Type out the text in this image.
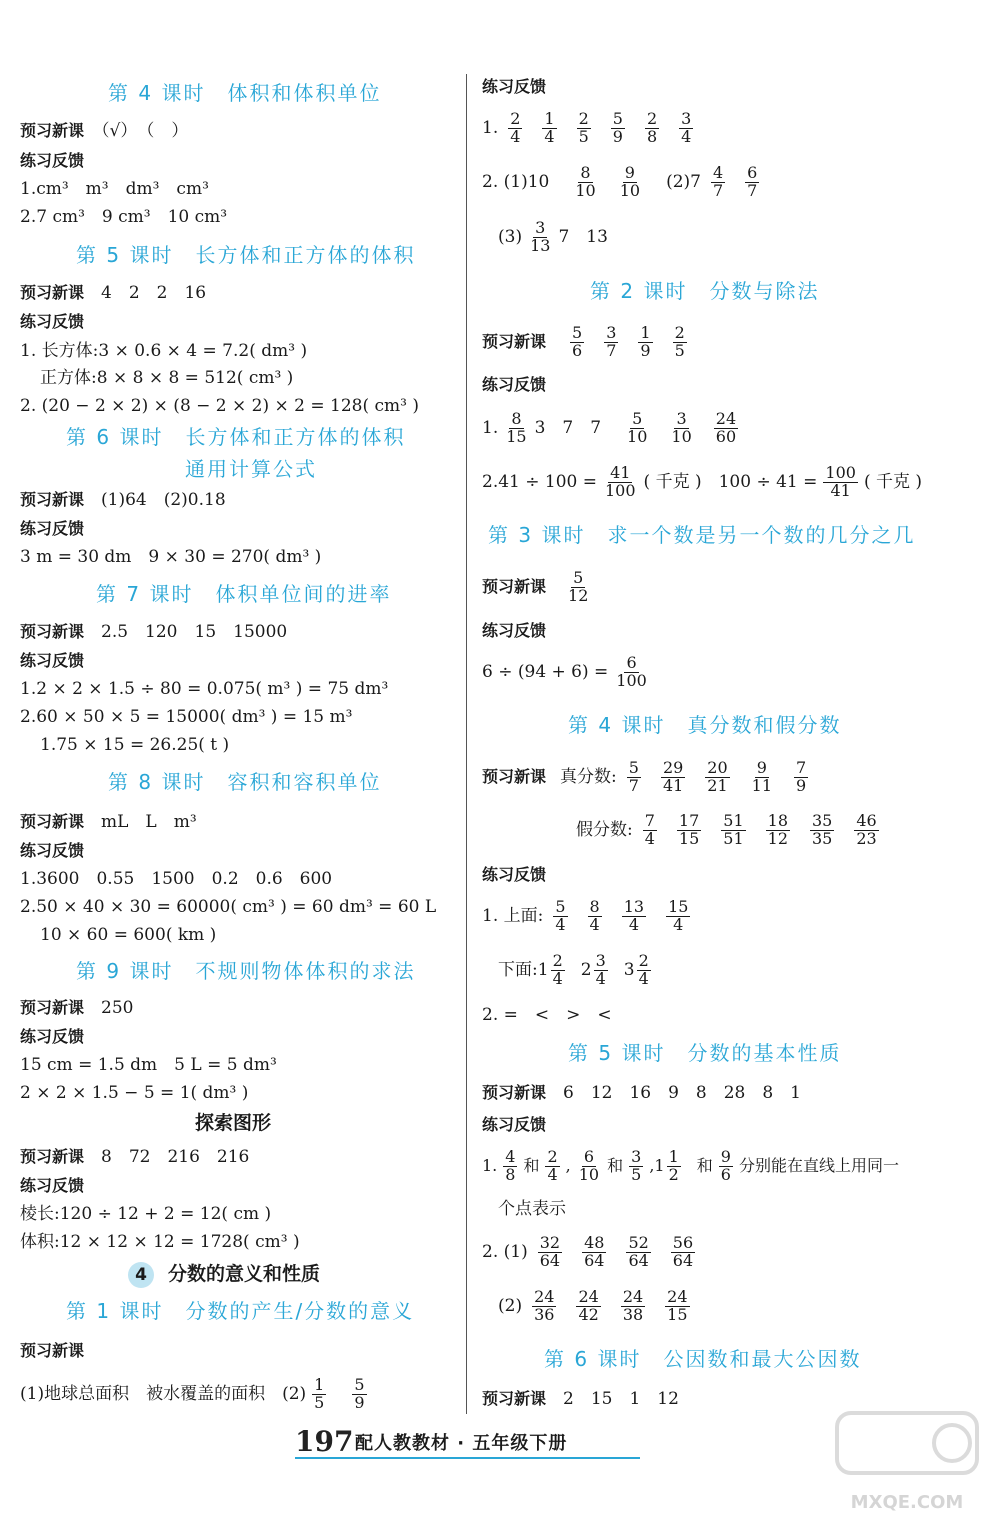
第 4 课时　体积和体积单位
预习新课　 （√）　（　）
练习反馈
1.cm³　m³　dm³　cm³
2.7 cm³　9 cm³　10 cm³
第 5 课时　长方体和正方体的体积
预习新课　 4　2　2　16
练习反馈
1. 长方体:3 × 0.6 × 4 = 7.2( dm³ )
正方体:8 × 8 × 8 = 512( cm³ )
2. (20 − 2 × 2) × (8 − 2 × 2) × 2 = 128( cm³ )
第 6 课时　长方体和正方体的体积
通用计算公式
预习新课　 (1)64　(2)0.18
练习反馈
3 m = 30 dm　9 × 30 = 270( dm³ )
第 7 课时　体积单位间的进率
预习新课　 2.5　120　15　15000
练习反馈
1.2 × 2 × 1.5 ÷ 80 = 0.075( m³ ) = 75 dm³
2.60 × 50 × 5 = 15000( dm³ ) = 15 m³
1.75 × 15 = 26.25( t )
第 8 课时　容积和容积单位
预习新课　 mL　L　m³
练习反馈
1.3600　0.55　1500　0.2　0.6　600
2.50 × 40 × 30 = 60000( cm³ ) = 60 dm³ = 60 L
10 × 60 = 600( km )
第 9 课时　不规则物体体积的求法
预习新课　 250
练习反馈
15 cm = 1.5 dm　5 L = 5 dm³
2 × 2 × 1.5 − 5 = 1( dm³ )
探索图形
预习新课　 8　72　216　216
练习反馈
棱长:120 ÷ 12 + 2 = 12( cm )
体积:12 × 12 × 12 = 1728( cm³ )
4 分数的意义和性质
第 1 课时　分数的产生/分数的意义
预习新课
(1)地球总面积　被水覆盖的面积　$(2) \frac{1}{5} \frac{5}{9}$
练习反馈
1. $\frac{2}{4} \frac{1}{4} \frac{2}{5} \frac{5}{9} \frac{2}{8} \frac{3}{4}$
2. $(1)10 \frac{8}{10} \frac{9}{10} (2)7 \frac{4}{7} \frac{6}{7}$
$(3) \frac{3}{13} 7$　13
第 2 课时　分数与除法
预习新课 $\frac{5}{6} \frac{3}{7} \frac{1}{9} \frac{2}{5}$
练习反馈
1. $\frac{8}{15} 3$　7　$7 \frac{5}{10} \frac{3}{10} \frac{24}{60}$
$2.41 \div 100 = \frac{41}{100}$ ( 千克 )　$100 \div 41 = \frac{100}{41}$ ( 千克 )
第 3 课时　求一个数是另一个数的几分之几
预习新课 $\frac{5}{12}$
练习反馈
$6 \div (94 + 6) = \frac{6}{100}$
第 4 课时　真分数和假分数
预习新课 真分数: $\frac{5}{7} \frac{29}{41} \frac{20}{21} \frac{9}{11} \frac{7}{9}$
假分数: $\frac{7}{4} \frac{17}{15} \frac{51}{51} \frac{18}{12} \frac{35}{35} \frac{46}{23}$
练习反馈
1. 上面: $\frac{5}{4} \frac{8}{4} \frac{13}{4} \frac{15}{4}$
下面:1 $\frac{2}{4} 2 \frac{3}{4} 3 \frac{2}{4}$
2. =　<　>　<
第 5 课时　分数的基本性质
预习新课　 6　12　16　9　8　28　8　1
练习反馈
1. $\frac{4}{8}$ 和 $\frac{2}{4}$ , $\frac{6}{10}$ 和 $\frac{3}{5} ,1 \frac{1}{2}$ 和 $\frac{9}{6}$ 分别能在直线上用同一
个点表示
2. $(1) \frac{32}{64} \frac{48}{64} \frac{52}{64} \frac{56}{64}$
$(2) \frac{24}{36} \frac{24}{42} \frac{24}{38} \frac{24}{15}$
第 6 课时　公因数和最大公因数
预习新课　 2　15　1　12
197 配人教教材 · 五年级下册
MXQE.COM
